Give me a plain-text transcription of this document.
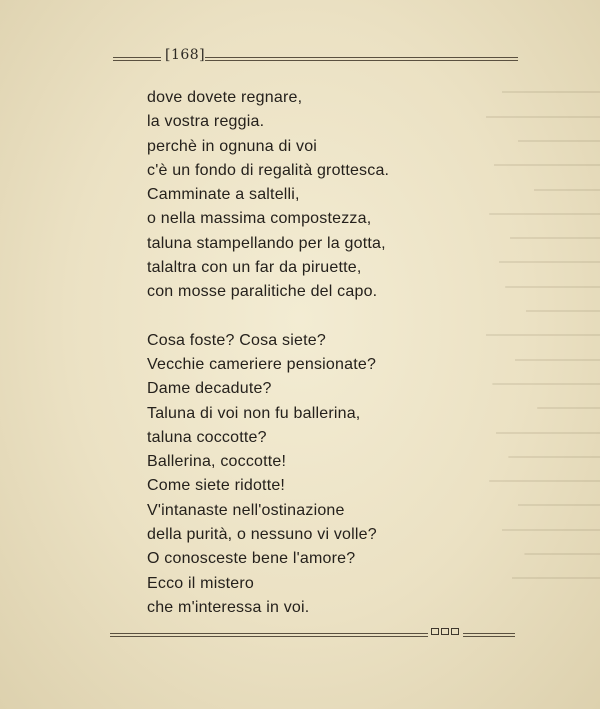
[168]
dove dovete regnare,
la vostra reggia.
perchè in ognuna di voi
c'è un fondo di regalità grottesca.
Camminate a saltelli,
o nella massima compostezza,
taluna stampellando per la gotta,
talaltra con un far da piruette,
con mosse paralitiche del capo.
Cosa foste? Cosa siete?
Vecchie cameriere pensionate?
Dame decadute?
Taluna di voi non fu ballerina,
taluna coccotte?
Ballerina, coccotte!
Come siete ridotte!
V'intanaste nell'ostinazione
della purità, o nessuno vi volle?
O conosceste bene l'amore?
Ecco il mistero
che m'interessa in voi.
